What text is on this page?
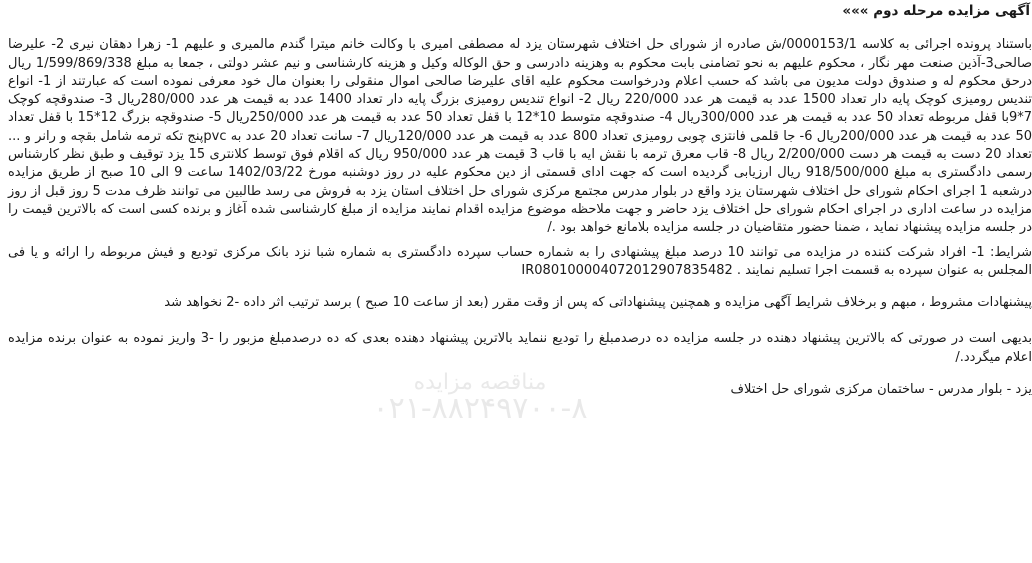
مناقصه مزایده
۰۲۱-۸۸۲۴۹۷۰۰-۸
آگهی مزایده مرحله دوم »»»

باستناد پرونده اجرائی به کلاسه 0000153/1/ش صادره از شورای حل اختلاف شهرستان یزد له مصطفی امیری با وکالت خانم میترا گندم مالمیری و علیهم 1- زهرا دهقان نیری 2- علیرضا صالحی3-آذین صنعت مهر نگار ، محکوم علیهم به نحو تضامنی بابت محکوم به وهزینه دادرسی و حق الوکاله وکیل و هزینه کارشناسی و نیم عشر دولتی ، جمعا به مبلغ 1/599/869/338 ریال درحق محکوم له و صندوق دولت مدیون می باشد که حسب اعلام ودرخواست محکوم علیه اقای علیرضا صالحی اموال منقولی را بعنوان مال خود معرفی نموده است که عبارتند از 1- انواع تندیس رومیزی کوچک پایه دار تعداد 1500 عدد به قیمت هر عدد 220/000 ریال 2- انواع تندیس رومیزی بزرگ پایه دار تعداد 1400 عدد به قیمت هر عدد 280/000ریال 3- صندوقچه کوچک 7*9با قفل مربوطه تعداد 50 عدد به قیمت هر عدد 300/000ریال 4- صندوقچه متوسط 10*12 با قفل تعداد 50 عدد به قیمت هر عدد 250/000ریال 5- صندوقچه بزرگ 12*15 با قفل تعداد 50 عدد به قیمت هر عدد 200/000ریال 6- جا قلمی فانتزی چوبی رومیزی تعداد 800 عدد به قیمت هر عدد 120/000ریال 7- سانت تعداد 20 عدد به pvcپنج تکه ترمه شامل بقچه و رانر و ... تعداد 20 دست به قیمت هر دست 2/200/000 ریال 8- قاب معرق ترمه با نقش ایه با قاب 3 قیمت هر عدد 950/000 ریال که اقلام فوق توسط کلانتری 15 یزد توقیف و طبق نظر کارشناس رسمی دادگستری به مبلغ 918/500/000 ریال ارزیابی گردیده است که جهت ادای قسمتی از دین محکوم علیه در روز دوشنبه مورخ 1402/03/22 ساعت 9 الی 10 صبح از طریق مزایده درشعبه 1 اجرای احکام شورای حل اختلاف شهرستان یزد واقع در بلوار مدرس مجتمع مرکزی شورای حل اختلاف استان یزد به فروش می رسد طالبین می توانند ظرف مدت 5 روز قبل از روز مزایده در ساعت اداری در اجرای احکام شورای حل اختلاف یزد حاضر و جهت ملاحظه موضوع مزایده اقدام نمایند مزایده از مبلغ کارشناسی شده آغاز و برنده کسی است که بالاترین قیمت را در جلسه مزایده پیشنهاد نماید ، ضمنا حضور متقاضیان در جلسه مزایده بلامانع خواهد بود ./

شرایط: 1- افراد شرکت کننده در مزایده می توانند 10 درصد مبلغ پیشنهادی را به شماره حساب سپرده دادگستری به شماره شبا نزد بانک مرکزی تودیع و فیش مربوطه را ارائه و یا فی المجلس به عنوان سپرده به قسمت اجرا تسلیم نمایند . IR080100004072012907835482

پیشنهادات مشروط ، مبهم و برخلاف شرایط آگهی مزایده و همچنین پیشنهاداتی که پس از وقت مقرر (بعد از ساعت 10 صبح ) برسد ترتیب اثر داده -2 نخواهد شد

بدیهی است در صورتی که بالاترین پیشنهاد دهنده در جلسه مزایده ده درصدمبلغ را تودیع ننماید بالاترین پیشنهاد دهنده بعدی که ده درصدمبلغ مزبور را -3 واریز نموده به عنوان برنده مزایده اعلام میگردد./

یزد - بلوار مدرس - ساختمان مرکزی شورای حل اختلاف
